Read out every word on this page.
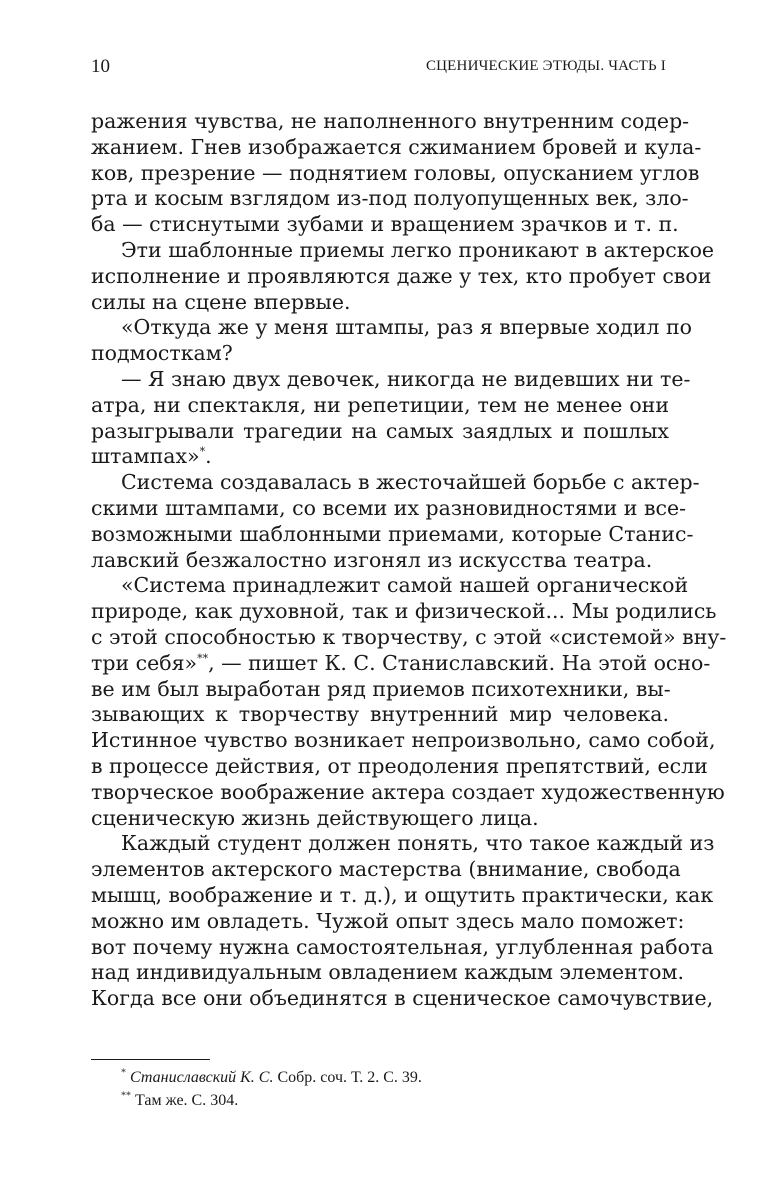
10	СЦЕНИЧЕСКИЕ ЭТЮДЫ. ЧАСТЬ I
ражения чувства, не наполненного внутренним содер-
жанием. Гнев изображается сжиманием бровей и кула-
ков, презрение — поднятием головы, опусканием углов
рта и косым взглядом из-под полуопущенных век, зло-
ба — стиснутыми зубами и вращением зрачков и т. п.
Эти шаблонные приемы легко проникают в актерское
исполнение и проявляются даже у тех, кто пробует свои
силы на сцене впервые.
«Откуда же у меня штампы, раз я впервые ходил по
подмосткам?
— Я знаю двух девочек, никогда не видевших ни те-
атра, ни спектакля, ни репетиции, тем не менее они
разыгрывали трагедии на самых заядлых и пошлых
штампах»*.
Система создавалась в жесточайшей борьбе с актер-
скими штампами, со всеми их разновидностями и все-
возможными шаблонными приемами, которые Станис-
лавский безжалостно изгонял из искусства театра.
«Система принадлежит самой нашей органической
природе, как духовной, так и физической... Мы родились
с этой способностью к творчеству, с этой «системой» вну-
три себя»**, — пишет К. С. Станиславский. На этой осно-
ве им был выработан ряд приемов психотехники, вы-
зывающих к творчеству внутренний мир человека.
Истинное чувство возникает непроизвольно, само собой,
в процессе действия, от преодоления препятствий, если
творческое воображение актера создает художественную
сценическую жизнь действующего лица.
Каждый студент должен понять, что такое каждый из
элементов актерского мастерства (внимание, свобода
мышц, воображение и т. д.), и ощутить практически, как
можно им овладеть. Чужой опыт здесь мало поможет:
вот почему нужна самостоятельная, углубленная работа
над индивидуальным овладением каждым элементом.
Когда все они объединятся в сценическое самочувствие,
* Станиславский К. С. Собр. соч. Т. 2. С. 39.
** Там же. С. 304.
